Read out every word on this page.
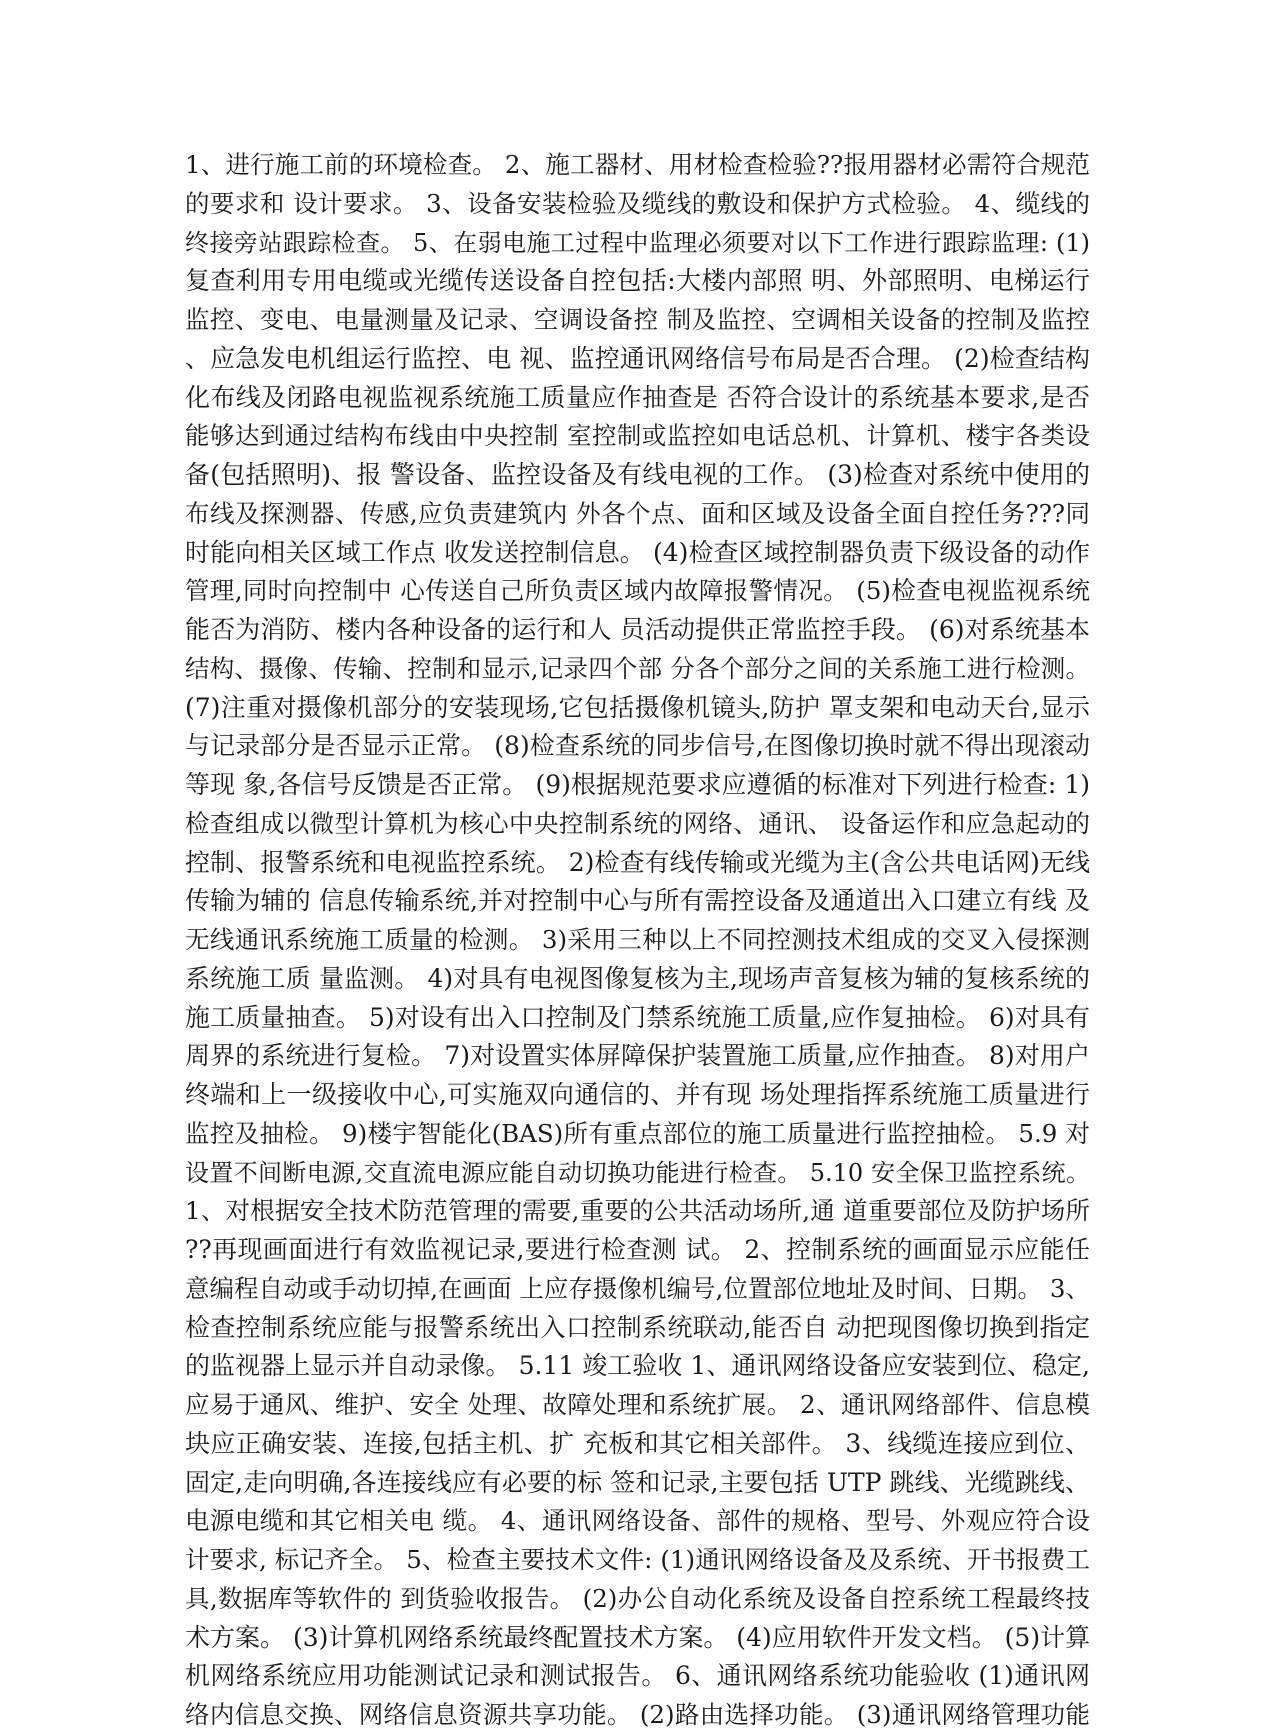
1、进行施工前的环境检查。 2、施工器材、用材检查检验??报用器材必需符合规范
的要求和 设计要求。 3、设备安装检验及缆线的敷设和保护方式检验。 4、缆线的
终接旁站跟踪检查。 5、在弱电施工过程中监理必须要对以下工作进行跟踪监理: (1)
复查利用专用电缆或光缆传送设备自控包括:大楼内部照 明、外部照明、电梯运行
监控、变电、电量测量及记录、空调设备控 制及监控、空调相关设备的控制及监控
、应急发电机组运行监控、电 视、监控通讯网络信号布局是否合理。 (2)检查结构
化布线及闭路电视监视系统施工质量应作抽查是 否符合设计的系统基本要求,是否
能够达到通过结构布线由中央控制 室控制或监控如电话总机、计算机、楼宇各类设
备(包括照明)、报 警设备、监控设备及有线电视的工作。 (3)检查对系统中使用的
布线及探测器、传感,应负责建筑内 外各个点、面和区域及设备全面自控任务???同
时能向相关区域工作点 收发送控制信息。 (4)检查区域控制器负责下级设备的动作
管理,同时向控制中 心传送自己所负责区域内故障报警情况。 (5)检查电视监视系统
能否为消防、楼内各种设备的运行和人 员活动提供正常监控手段。 (6)对系统基本
结构、摄像、传输、控制和显示,记录四个部 分各个部分之间的关系施工进行检测。
(7)注重对摄像机部分的安装现场,它包括摄像机镜头,防护 罩支架和电动天台,显示
与记录部分是否显示正常。 (8)检查系统的同步信号,在图像切换时就不得出现滚动
等现 象,各信号反馈是否正常。 (9)根据规范要求应遵循的标准对下列进行检查: 1)
检查组成以微型计算机为核心中央控制系统的网络、通讯、 设备运作和应急起动的
控制、报警系统和电视监控系统。 2)检查有线传输或光缆为主(含公共电话网)无线
传输为辅的 信息传输系统,并对控制中心与所有需控设备及通道出入口建立有线 及
无线通讯系统施工质量的检测。 3)采用三种以上不同控测技术组成的交叉入侵探测
系统施工质 量监测。 4)对具有电视图像复核为主,现场声音复核为辅的复核系统的
施工质量抽查。 5)对设有出入口控制及门禁系统施工质量,应作复抽检。 6)对具有
周界的系统进行复检。 7)对设置实体屏障保护装置施工质量,应作抽查。 8)对用户
终端和上一级接收中心,可实施双向通信的、并有现 场处理指挥系统施工质量进行
监控及抽检。 9)楼宇智能化(BAS)所有重点部位的施工质量进行监控抽检。 5.9 对
设置不间断电源,交直流电源应能自动切换功能进行检查。 5.10 安全保卫监控系统。
1、对根据安全技术防范管理的需要,重要的公共活动场所,通 道重要部位及防护场所
??再现画面进行有效监视记录,要进行检查测 试。 2、控制系统的画面显示应能任
意编程自动或手动切掉,在画面 上应存摄像机编号,位置部位地址及时间、日期。 3、
检查控制系统应能与报警系统出入口控制系统联动,能否自 动把现图像切换到指定
的监视器上显示并自动录像。 5.11 竣工验收 1、通讯网络设备应安装到位、稳定,
应易于通风、维护、安全 处理、故障处理和系统扩展。 2、通讯网络部件、信息模
块应正确安装、连接,包括主机、扩 充板和其它相关部件。 3、线缆连接应到位、
固定,走向明确,各连接线应有必要的标 签和记录,主要包括 UTP 跳线、光缆跳线、
电源电缆和其它相关电 缆。 4、通讯网络设备、部件的规格、型号、外观应符合设
计要求, 标记齐全。 5、检查主要技术文件: (1)通讯网络设备及及系统、开书报费工
具,数据库等软件的 到货验收报告。 (2)办公自动化系统及设备自控系统工程最终技
术方案。 (3)计算机网络系统最终配置技术方案。 (4)应用软件开发文档。 (5)计算
机网络系统应用功能测试记录和测试报告。 6、通讯网络系统功能验收 (1)通讯网
络内信息交换、网络信息资源共享功能。 (2)路由选择功能。 (3)通讯网络管理功能
